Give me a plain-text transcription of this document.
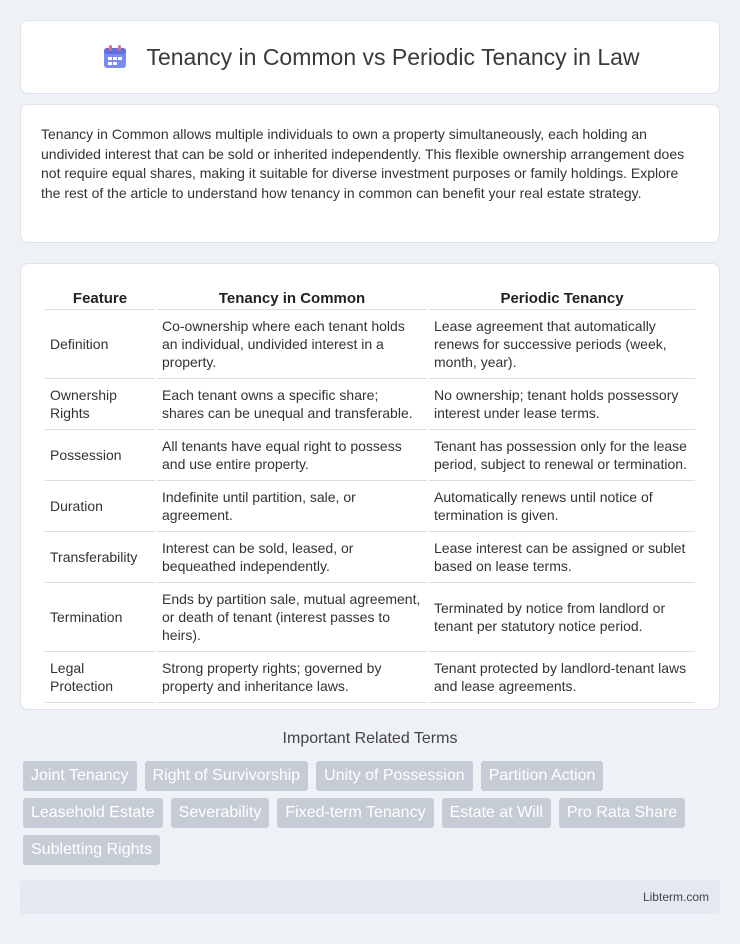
Tenancy in Common vs Periodic Tenancy in Law

Tenancy in Common allows multiple individuals to own a property simultaneously, each holding an undivided interest that can be sold or inherited independently. This flexible ownership arrangement does not require equal shares, making it suitable for diverse investment purposes or family holdings. Explore the rest of the article to understand how tenancy in common can benefit your real estate strategy.

Feature	Tenancy in Common	Periodic Tenancy
Definition	Co-ownership where each tenant holds an individual, undivided interest in a property.	Lease agreement that automatically renews for successive periods (week, month, year).
Ownership Rights	Each tenant owns a specific share; shares can be unequal and transferable.	No ownership; tenant holds possessory interest under lease terms.
Possession	All tenants have equal right to possess and use entire property.	Tenant has possession only for the lease period, subject to renewal or termination.
Duration	Indefinite until partition, sale, or agreement.	Automatically renews until notice of termination is given.
Transferability	Interest can be sold, leased, or bequeathed independently.	Lease interest can be assigned or sublet based on lease terms.
Termination	Ends by partition sale, mutual agreement, or death of tenant (interest passes to heirs).	Terminated by notice from landlord or tenant per statutory notice period.
Legal Protection	Strong property rights; governed by property and inheritance laws.	Tenant protected by landlord-tenant laws and lease agreements.
Important Related Terms
Joint Tenancy	Right of Survivorship	Unity of Possession	Partition Action
Leasehold Estate	Severability	Fixed-term Tenancy	Estate at Will	Pro Rata Share
Subletting Rights
Libterm.com
